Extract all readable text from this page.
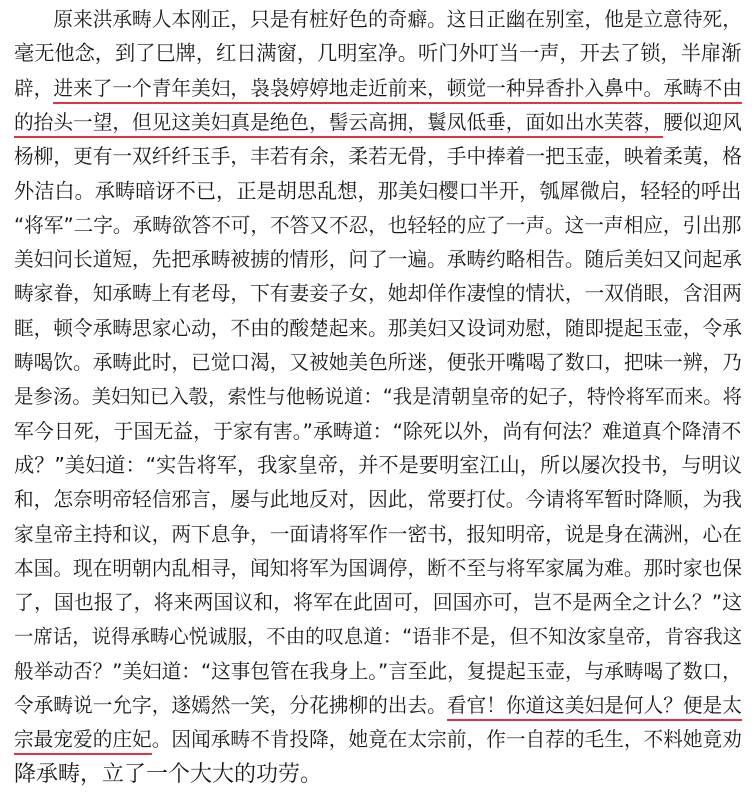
　　原来洪承畴人本刚正，只是有桩好色的奇癖。这日正幽在别室，他是立意待死，
毫无他念，到了巳牌，红日满窗，几明室净。听门外叮当一声，开去了锁，半扉渐
辟，进来了一个青年美妇，袅袅婷婷地走近前来，顿觉一种异香扑入鼻中。承畴不由
的抬头一望，但见这美妇真是绝色，髻云高拥，鬟凤低垂，面如出水芙蓉，腰似迎风
杨柳，更有一双纤纤玉手，丰若有余，柔若无骨，手中捧着一把玉壶，映着柔荑，格
外洁白。承畴暗讶不已，正是胡思乱想，那美妇樱口半开，瓠犀微启，轻轻的呼出
“将军”二字。承畴欲答不可，不答又不忍，也轻轻的应了一声。这一声相应，引出那
美妇问长道短，先把承畴被掳的情形，问了一遍。承畴约略相告。随后美妇又问起承
畴家眷，知承畴上有老母，下有妻妾子女，她却佯作凄惶的情状，一双俏眼，含泪两
眶，顿令承畴思家心动，不由的酸楚起来。那美妇又设词劝慰，随即提起玉壶，令承
畴喝饮。承畴此时，已觉口渴，又被她美色所迷，便张开嘴喝了数口，把味一辨，乃
是参汤。美妇知已入彀，索性与他畅说道：“我是清朝皇帝的妃子，特怜将军而来。将
军今日死，于国无益，于家有害。”承畴道：“除死以外，尚有何法？难道真个降清不
成？”美妇道：“实告将军，我家皇帝，并不是要明室江山，所以屡次投书，与明议
和，怎奈明帝轻信邪言，屡与此地反对，因此，常要打仗。今请将军暂时降顺，为我
家皇帝主持和议，两下息争，一面请将军作一密书，报知明帝，说是身在满洲，心在
本国。现在明朝内乱相寻，闻知将军为国调停，断不至与将军家属为难。那时家也保
了，国也报了，将来两国议和，将军在此固可，回国亦可，岂不是两全之计么？”这
一席话，说得承畴心悦诚服，不由的叹息道：“语非不是，但不知汝家皇帝，肯容我这
般举动否？”美妇道：“这事包管在我身上。”言至此，复提起玉壶，与承畴喝了数口，
令承畴说一允字，遂嫣然一笑，分花拂柳的出去。看官！你道这美妇是何人？便是太
宗最宠爱的庄妃。因闻承畴不肯投降，她竟在太宗前，作一自荐的毛生，不料她竟劝
降承畴，立了一个大大的功劳。
